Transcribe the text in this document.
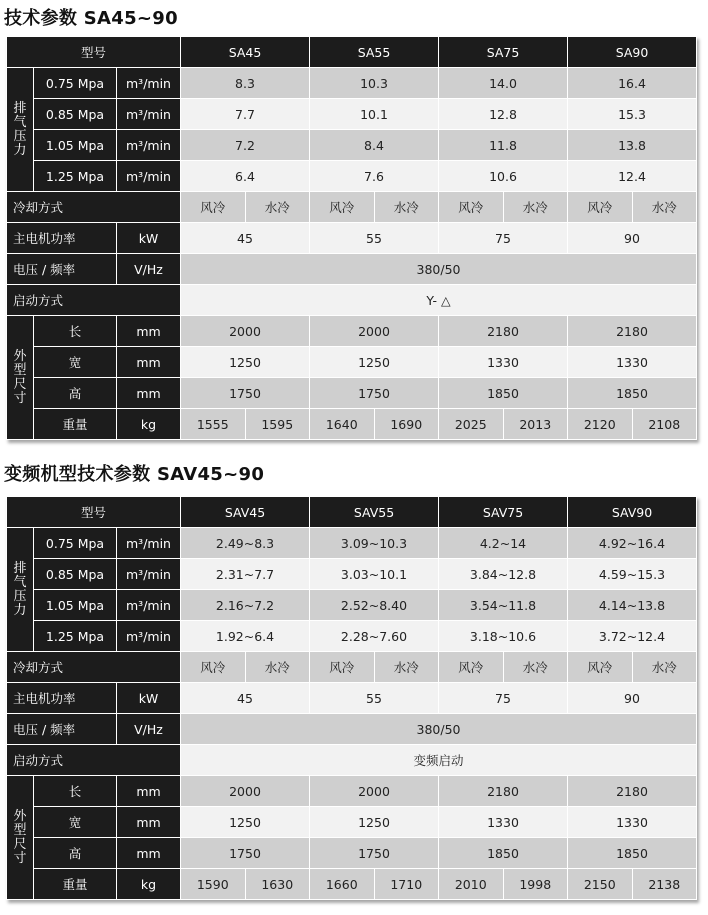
技术参数 SA45~90
型号			SA45		SA55		SA75		SA90	

排
气
压
力	0.75 Mpa	m³/min	8.3		10.3		14.0		16.4	
	0.85 Mpa	m³/min	7.7		10.1		12.8		15.3	
	1.05 Mpa	m³/min	7.2		8.4		11.8		13.8	
	1.25 Mpa	m³/min	6.4		7.6		10.6		12.4	
冷却方式			风冷	水冷	风冷	水冷	风冷	水冷	风冷	水冷
主电机功率		kW	45		55		75		90	
电压 / 频率		V/Hz	380/50							
启动方式			Y- △							

外
型
尺
寸	长	mm	2000		2000		2180		2180	
	宽	mm	1250		1250		1330		1330	
	高	mm	1750		1750		1850		1850	
	重量	kg	1555	1595	1640	1690	2025	2013	2120	2108
变频机型技术参数 SAV45~90
型号			SAV45		SAV55		SAV75		SAV90	

排
气
压
力	0.75 Mpa	m³/min	2.49~8.3		3.09~10.3		4.2~14		4.92~16.4	
	0.85 Mpa	m³/min	2.31~7.7		3.03~10.1		3.84~12.8		4.59~15.3	
	1.05 Mpa	m³/min	2.16~7.2		2.52~8.40		3.54~11.8		4.14~13.8	
	1.25 Mpa	m³/min	1.92~6.4		2.28~7.60		3.18~10.6		3.72~12.4	
冷却方式			风冷	水冷	风冷	水冷	风冷	水冷	风冷	水冷
主电机功率		kW	45		55		75		90	
电压 / 频率		V/Hz	380/50							
启动方式			变频启动							

外
型
尺
寸	长	mm	2000		2000		2180		2180	
	宽	mm	1250		1250		1330		1330	
	高	mm	1750		1750		1850		1850	
	重量	kg	1590	1630	1660	1710	2010	1998	2150	2138
